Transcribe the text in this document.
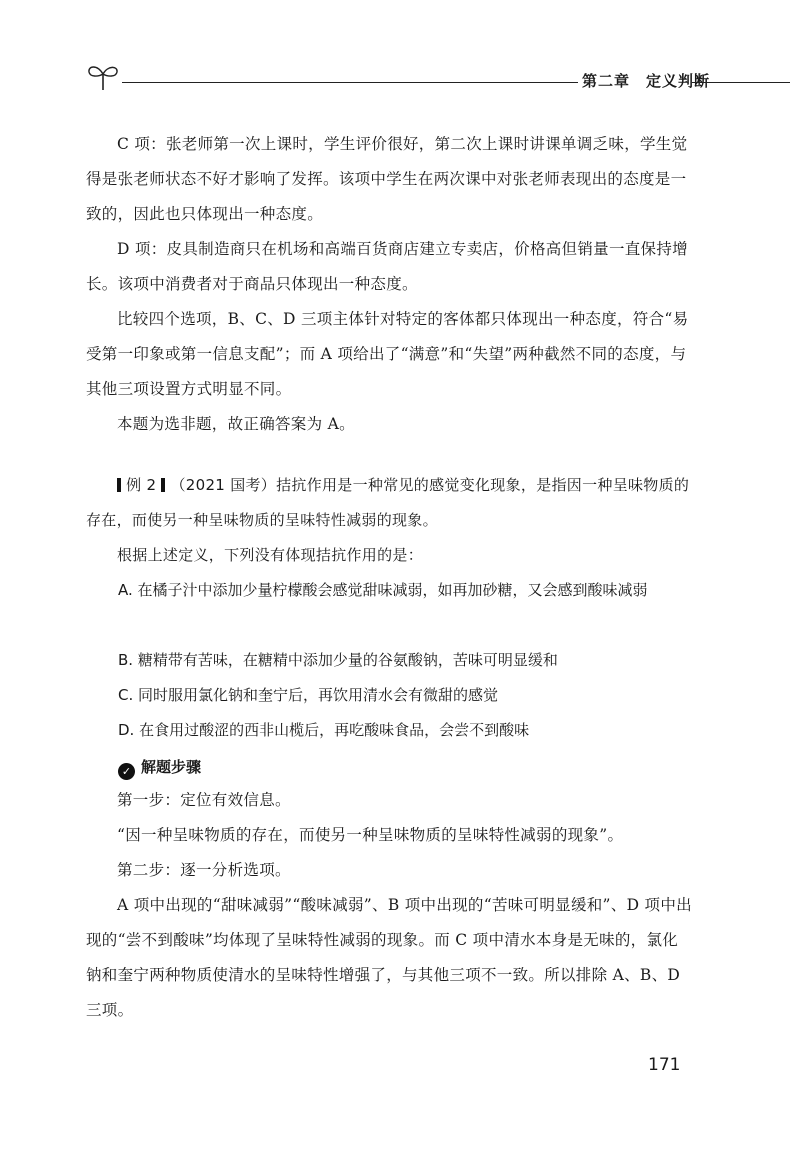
第二章　定义判断

C 项：张老师第一次上课时，学生评价很好，第二次上课时讲课单调乏味，学生觉得是张老师状态不好才影响了发挥。该项中学生在两次课中对张老师表现出的态度是一致的，因此也只体现出一种态度。

D 项：皮具制造商只在机场和高端百货商店建立专卖店，价格高但销量一直保持增长。该项中消费者对于商品只体现出一种态度。

比较四个选项，B、C、D 三项主体针对特定的客体都只体现出一种态度，符合“易受第一印象或第一信息支配”；而 A 项给出了“满意”和“失望”两种截然不同的态度，与其他三项设置方式明显不同。

本题为选非题，故正确答案为 A。

例 2 （2021 国考）拮抗作用是一种常见的感觉变化现象，是指因一种呈味物质的存在，而使另一种呈味物质的呈味特性减弱的现象。

根据上述定义，下列没有体现拮抗作用的是：

A. 在橘子汁中添加少量柠檬酸会感觉甜味减弱，如再加砂糖，又会感到酸味减弱

B. 糖精带有苦味，在糖精中添加少量的谷氨酸钠，苦味可明显缓和

C. 同时服用氯化钠和奎宁后，再饮用清水会有微甜的感觉

D. 在食用过酸涩的西非山榄后，再吃酸味食品，会尝不到酸味

✓ 解题步骤

第一步：定位有效信息。

“因一种呈味物质的存在，而使另一种呈味物质的呈味特性减弱的现象”。

第二步：逐一分析选项。

A 项中出现的“甜味减弱”“酸味减弱”、B 项中出现的“苦味可明显缓和”、D 项中出现的“尝不到酸味”均体现了呈味特性减弱的现象。而 C 项中清水本身是无味的，氯化钠和奎宁两种物质使清水的呈味特性增强了，与其他三项不一致。所以排除 A、B、D 三项。

171
